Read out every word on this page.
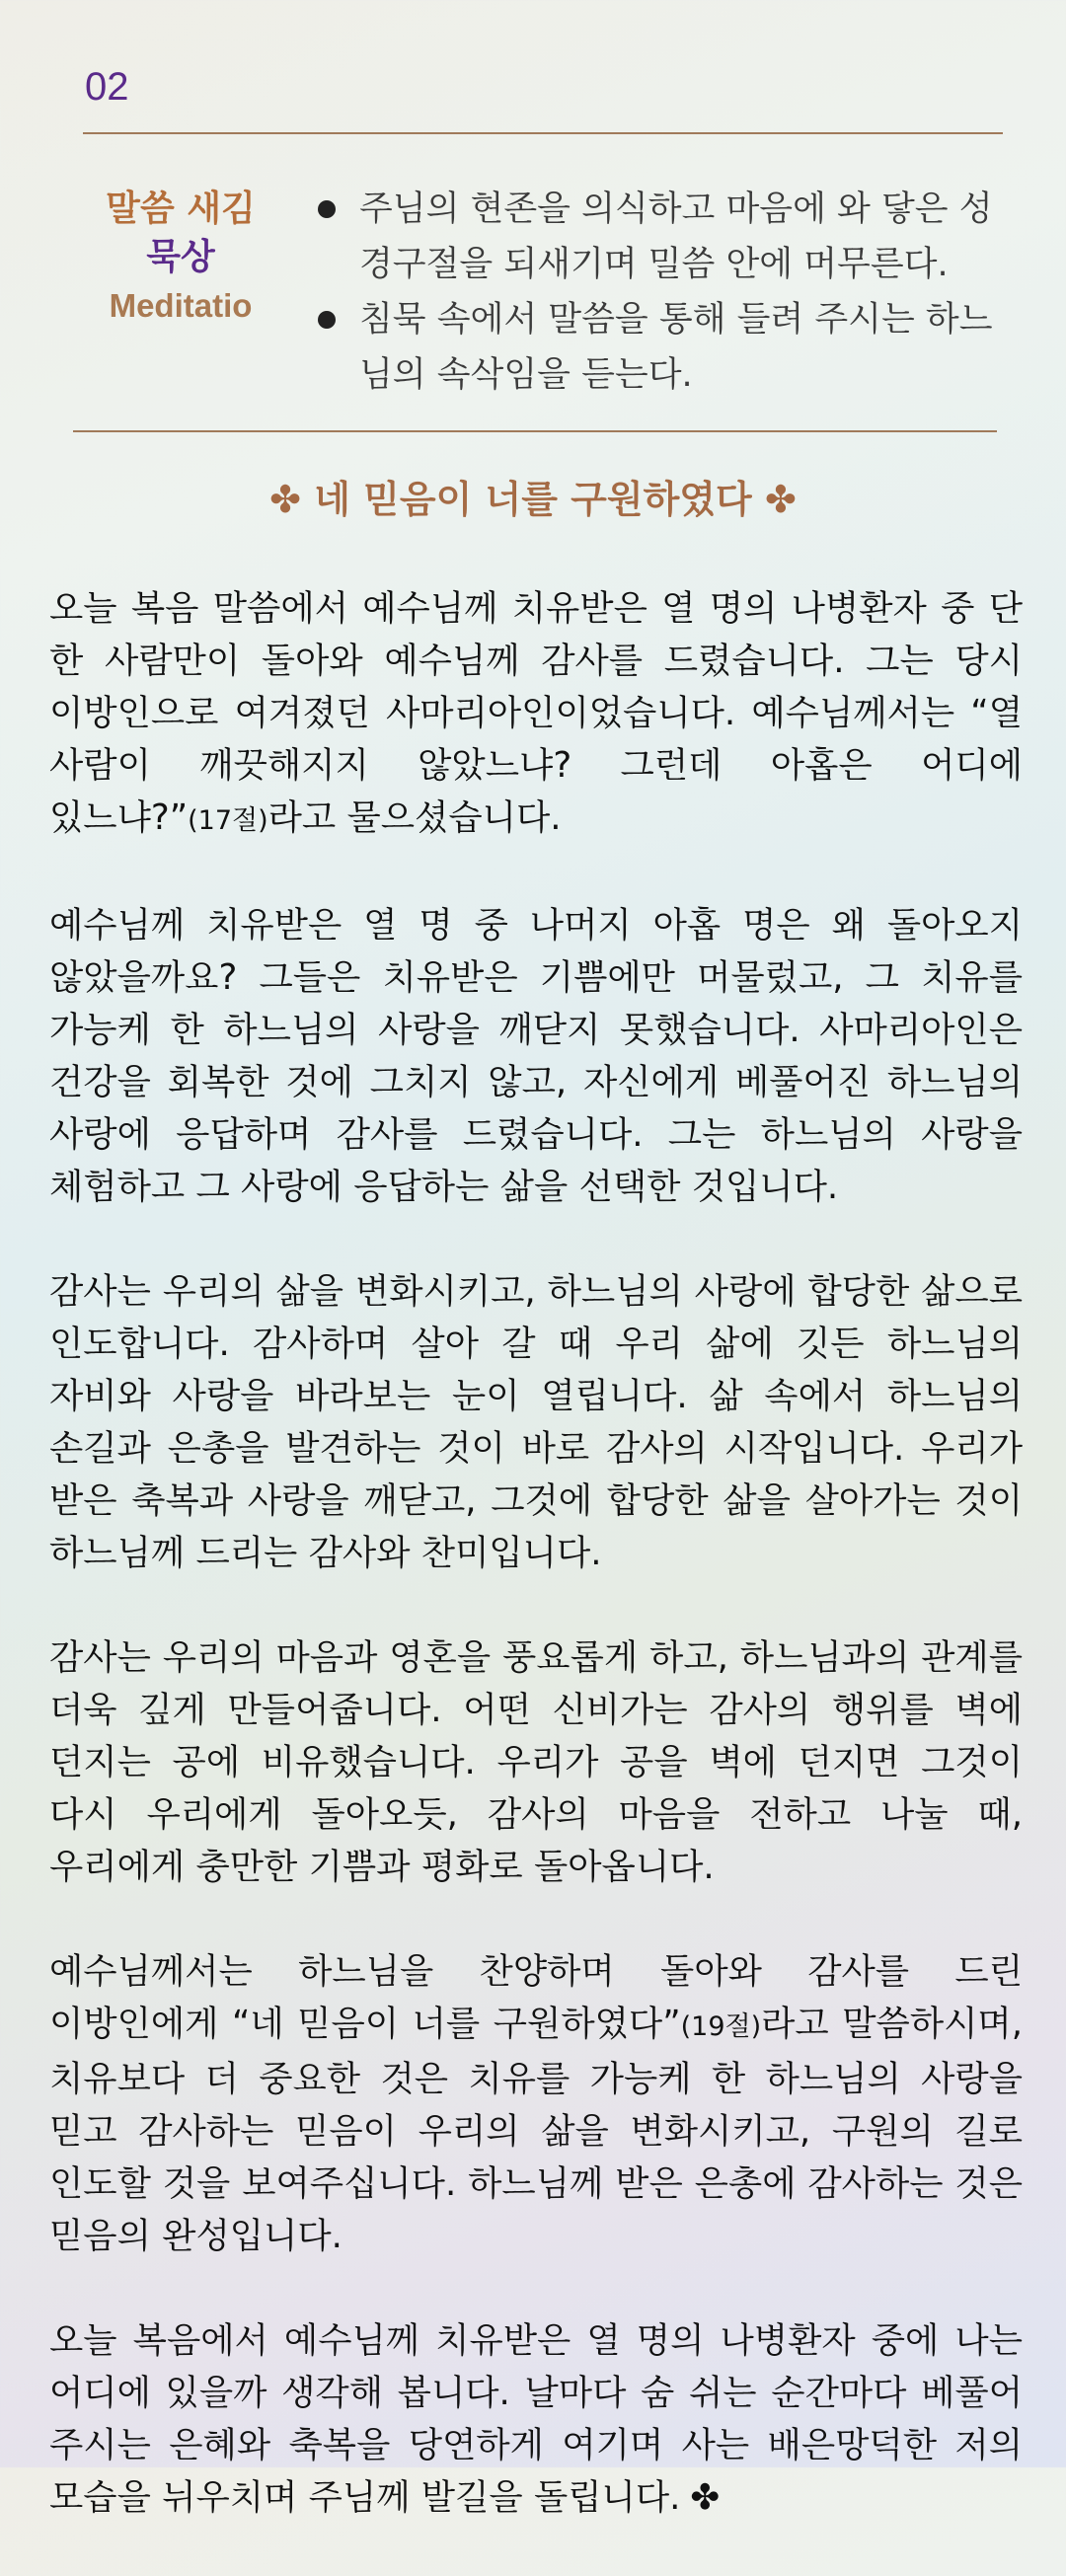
02
말씀 새김
묵상
Meditatio
주님의 현존을 의식하고 마음에 와 닿은 성경구절을 되새기며 밀씀 안에 머무른다.
침묵 속에서 말씀을 통해 들려 주시는 하느님의 속삭임을 듣는다.
✤ 네 믿음이 너를 구원하였다 ✤

오늘 복음 말씀에서 예수님께 치유받은 열 명의 나병환자 중 단 한 사람만이 돌아와 예수님께 감사를 드렸습니다. 그는 당시 이방인으로 여겨졌던 사마리아인이었습니다. 예수님께서는 “열 사람이 깨끗해지지 않았느냐? 그런데 아홉은 어디에 있느냐?”(17절)라고 물으셨습니다.

예수님께 치유받은 열 명 중 나머지 아홉 명은 왜 돌아오지 않았을까요? 그들은 치유받은 기쁨에만 머물렀고, 그 치유를 가능케 한 하느님의 사랑을 깨닫지 못했습니다. 사마리아인은 건강을 회복한 것에 그치지 않고, 자신에게 베풀어진 하느님의 사랑에 응답하며 감사를 드렸습니다. 그는 하느님의 사랑을 체험하고 그 사랑에 응답하는 삶을 선택한 것입니다.

감사는 우리의 삶을 변화시키고, 하느님의 사랑에 합당한 삶으로 인도합니다. 감사하며 살아 갈 때 우리 삶에 깃든 하느님의 자비와 사랑을 바라보는 눈이 열립니다. 삶 속에서 하느님의 손길과 은총을 발견하는 것이 바로 감사의 시작입니다. 우리가 받은 축복과 사랑을 깨닫고, 그것에 합당한 삶을 살아가는 것이 하느님께 드리는 감사와 찬미입니다.

감사는 우리의 마음과 영혼을 풍요롭게 하고, 하느님과의 관계를 더욱 깊게 만들어줍니다. 어떤 신비가는 감사의 행위를 벽에 던지는 공에 비유했습니다. 우리가 공을 벽에 던지면 그것이 다시 우리에게 돌아오듯, 감사의 마음을 전하고 나눌 때, 우리에게 충만한 기쁨과 평화로 돌아옵니다.

예수님께서는 하느님을 찬양하며 돌아와 감사를 드린 이방인에게 “네 믿음이 너를 구원하였다”(19절)라고 말씀하시며, 치유보다 더 중요한 것은 치유를 가능케 한 하느님의 사랑을 믿고 감사하는 믿음이 우리의 삶을 변화시키고, 구원의 길로 인도할 것을 보여주십니다. 하느님께 받은 은총에 감사하는 것은 믿음의 완성입니다.

오늘 복음에서 예수님께 치유받은 열 명의 나병환자 중에 나는 어디에 있을까 생각해 봅니다. 날마다 숨 쉬는 순간마다 베풀어 주시는 은혜와 축복을 당연하게 여기며 사는 배은망덕한 저의 모습을 뉘우치며 주님께 발길을 돌립니다. ✤
